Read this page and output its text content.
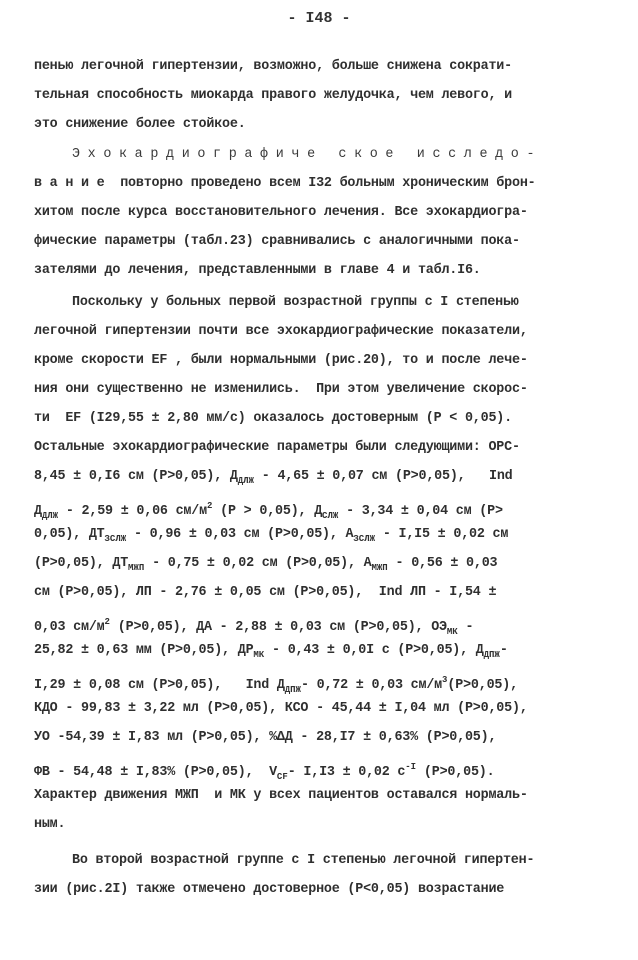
- I48 -
пенью легочной гипертензии, возможно, больше снижена сократи-
тельная способность миокарда правого желудочка, чем левого, и
это снижение более стойкое.
Э х о к а р д и о г р а ф и ч е   с к о е   и с с л е д о -
в а н и е  повторно проведено всем I32 больным хроническим брон-
хитом после курса восстановительного лечения. Все эхокардиогра-
фические параметры (табл.23) сравнивались с аналогичными пока-
зателями до лечения, представленными в главе 4 и табл.I6.
Поскольку у больных первой возрастной группы с I степенью
легочной гипертензии почти все эхокардиографические показатели,
кроме скорости EF , были нормальными (рис.20), то и после лече-
ния они существенно не изменились.  При этом увеличение скорос-
ти  EF (I29,55 ± 2,80 мм/с) оказалось достоверным (P < 0,05).
Остальные эхокардиографические параметры были следующими: ОРС-
8,45 ± 0,I6 см (P>0,05), $Д_{ДЛЖ} - 4,65 \pm 0,07$ см (P>0,05),   Ind
$Д_{ДЛЖ} - 2,59 \pm 0,06$ $см/м^2$ (P > 0,05), $Д_{СЛЖ} - 3,34 \pm 0,04$ см (P>
0,05), $ДТ_{ЗСЛЖ} - 0,96 \pm 0,03$ см (P>0,05), $A_{ЗСЛЖ} - I,I5 \pm 0,02$ см
(P>0,05), $ДТ_{МЖП} - 0,75 \pm 0,02$ см (P>0,05), $A_{МЖП} - 0,56 \pm 0,03$
см (P>0,05), ЛП - 2,76 ± 0,05 см (P>0,05),  Ind ЛП - I,54 ±
0,03 $см/м^2$ (P>0,05), ДА - 2,88 ± 0,03 см (P>0,05), $ОЭ_{МК}$ -
25,82 ± 0,63 мм (P>0,05), $ДР_{МК} - 0,43 \pm 0,0I$ с (P>0,05), $Д_{ДПЖ}-$
I,29 ± 0,08 см (P>0,05),   Ind $Д_{ДПЖ}-$ 0,72 ± 0,03 $см/м^3(P>0,05)$,
КДО - 99,83 ± 3,22 мл (P>0,05), КСО - 45,44 ± I,04 мл (P>0,05),
УО -54,39 ± I,83 мл (P>0,05), %ΔД - 28,I7 ± 0,63% (P>0,05),
ФВ - 54,48 ± I,83% (P>0,05),  $V_{CF}-$ I,I3 ± 0,02 $с^{-I}$ (P>0,05).
Характер движения МЖП  и МК у всех пациентов оставался нормаль-
ным.
Во второй возрастной группе с I степенью легочной гипертен-
зии (рис.2I) также отмечено достоверное (P<0,05) возрастание
